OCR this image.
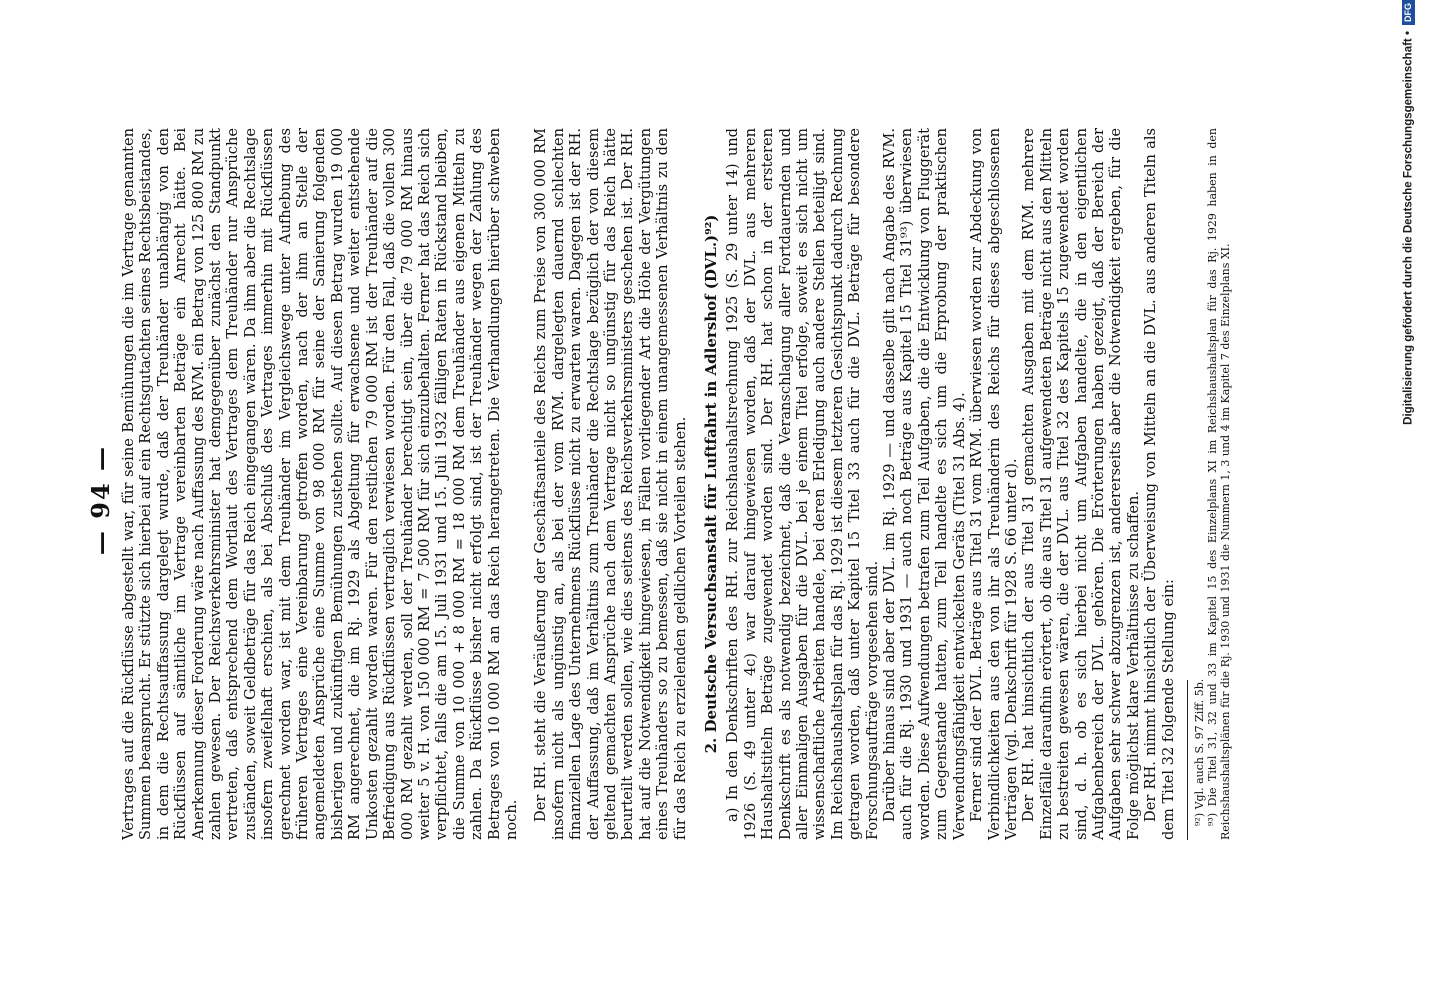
— 94 — Vertrages auf die Rückflüsse abgestellt war, für seine Bemühungen die im Vertrage genannten Summen beansprucht. Er stützte sich hierbei auf ein Rechtsgutachten seines Rechtsbeistandes, in dem die Rechtsauffassung dargelegt wurde, daß der Treuhänder unabhängig von den Rückflüssen auf sämtliche im Vertrage vereinbarten Beträge ein Anrecht hätte. Bei Anerkennung dieser Forderung wäre nach Auffassung des RVM. ein Betrag von 125 800 RM zu zahlen gewesen. Der Reichsverkehrsminister hat demgegenüber zunächst den Standpunkt vertreten, daß entsprechend dem Wortlaut des Vertrages dem Treuhänder nur Ansprüche zuständen, soweit Geldbeträge für das Reich eingegangen wären. Da ihm aber die Rechtslage insofern zweifelhaft erschien, als bei Abschluß des Vertrages immerhin mit Rückflüssen gerechnet worden war, ist mit dem Treuhänder im Vergleichswege unter Aufhebung des früheren Vertrages eine Vereinbarung getroffen worden, nach der ihm an Stelle der angemeldeten Ansprüche eine Summe von 98 000 RM für seine der Sanierung folgenden bisherigen und zukünftigen Bemühungen zustehen sollte. Auf diesen Betrag wurden 19 000 RM angerechnet, die im Rj. 1929 als Abgeltung für erwachsene und weiter entstehende Unkosten gezahlt worden waren. Für den restlichen 79 000 RM ist der Treuhänder auf die Befriedigung aus Rückflüssen vertraglich verwiesen worden. Für den Fall, daß die vollen 300 000 RM gezahlt werden, soll der Treuhänder berechtigt sein, über die 79 000 RM hinaus weiter 5 v. H. von 150 000 RM = 7 500 RM für sich einzubehalten. Ferner hat das Reich sich verpflichtet, falls die am 15. Juli 1931 und 15. Juli 1932 fälligen Raten in Rückstand bleiben, die Summe von 10 000 + 8 000 RM = 18 000 RM dem Treuhänder aus eigenen Mitteln zu zahlen. Da Rückflüsse bisher nicht erfolgt sind, ist der Treuhänder wegen der Zahlung des Betrages von 10 000 RM an das Reich herangetreten. Die Verhandlungen hierüber schweben noch. Der RH. steht die Veräußerung der Geschäftsanteile des Reichs zum Preise von 300 000 RM insofern nicht als ungünstig an, als bei der vom RVM. dargelegten dauernd schlechten finanziellen Lage des Unternehmens Rückflüsse nicht zu erwarten waren. Dagegen ist der RH. der Auffassung, daß im Verhältnis zum Treuhänder die Rechtslage bezüglich der von diesem geltend gemachten Ansprüche nach dem Vertrage nicht so ungünstig für das Reich hätte beurteilt werden sollen, wie dies seitens des Reichsverkehrsministers geschehen ist. Der RH. hat auf die Notwendigkeit hingewiesen, in Fällen vorliegender Art die Höhe der Vergütungen eines Treuhänders so zu bemessen, daß sie nicht in einem unangemessenen Verhältnis zu den für das Reich zu erzielenden geldlichen Vorteilen stehen. 2. Deutsche Versuchsanstalt für Luftfahrt in Adlershof (DVL.)⁹²) a) In den Denkschriften des RH. zur Reichshaushaltsrechnung 1925 (S. 29 unter 14) und 1926 (S. 49 unter 4c) war darauf hingewiesen worden, daß der DVL. aus mehreren Haushaltstiteln Beträge zugewendet worden sind. Der RH. hat schon in der ersteren Denkschrift es als notwendig bezeichnet, daß die Veranschlagung aller Fortdauernden und aller Einmaligen Ausgaben für die DVL. bei je einem Titel erfolge, soweit es sich nicht um wissenschaftliche Arbeiten handele, bei deren Erledigung auch andere Stellen beteiligt sind. Im Reichshaushaltsplan für das Rj. 1929 ist diesem letzteren Gesichtspunkt dadurch Rechnung getragen worden, daß unter Kapitel 15 Titel 33 auch für die DVL. Beträge für besondere Forschungsaufträge vorgesehen sind. Darüber hinaus sind aber der DVL. im Rj. 1929 — und dasselbe gilt nach Angabe des RVM. auch für die Rj. 1930 und 1931 — auch noch Beträge aus Kapitel 15 Titel 31⁹³) überwiesen worden. Diese Aufwendungen betrafen zum Teil Aufgaben, die die Entwicklung von Fluggerät zum Gegenstande hatten, zum Teil handelte es sich um die Erprobung der praktischen Verwendungsfähigkeit entwickelten Geräts (Titel 31 Abs. 4). Ferner sind der DVL. Beträge aus Titel 31 vom RVM. überwiesen worden zur Abdeckung von Verbindlichkeiten aus den von ihr als Treuhänderin des Reichs für dieses abgeschlossenen Verträgen (vgl. Denkschrift für 1928 S. 66 unter d). Der RH. hat hinsichtlich der aus Titel 31 gemachten Ausgaben mit dem RVM. mehrere Einzelfälle daraufhin erörtert, ob die aus Titel 31 aufgewendeten Beträge nicht aus den Mitteln zu bestreiten gewesen wären, die der DVL. aus Titel 32 des Kapitels 15 zugewendet worden sind, d. h. ob es sich hierbei nicht um Aufgaben handelte, die in den eigentlichen Aufgabenbereich der DVL. gehören. Die Erörterungen haben gezeigt, daß der Bereich der Aufgaben sehr schwer abzugrenzen ist, andererseits aber die Notwendigkeit ergeben, für die Folge möglichst klare Verhältnisse zu schaffen. Der RH. nimmt hinsichtlich der Überweisung von Mitteln an die DVL. aus anderen Titeln als dem Titel 32 folgende Stellung ein: ⁹²) Vgl. auch S. 97 Ziff. 5b. ⁹³) Die Titel 31, 32 und 33 im Kapitel 15 des Einzelplans XI im Reichshaushaltsplan für das Rj. 1929 haben in den Reichshaushaltsplänen für die Rj. 1930 und 1931 die Nummern 1, 3 und 4 im Kapitel 7 des Einzelplans XI.

Digitalisierung gefördert durch die Deutsche Forschungsgemeinschaft •DFG
